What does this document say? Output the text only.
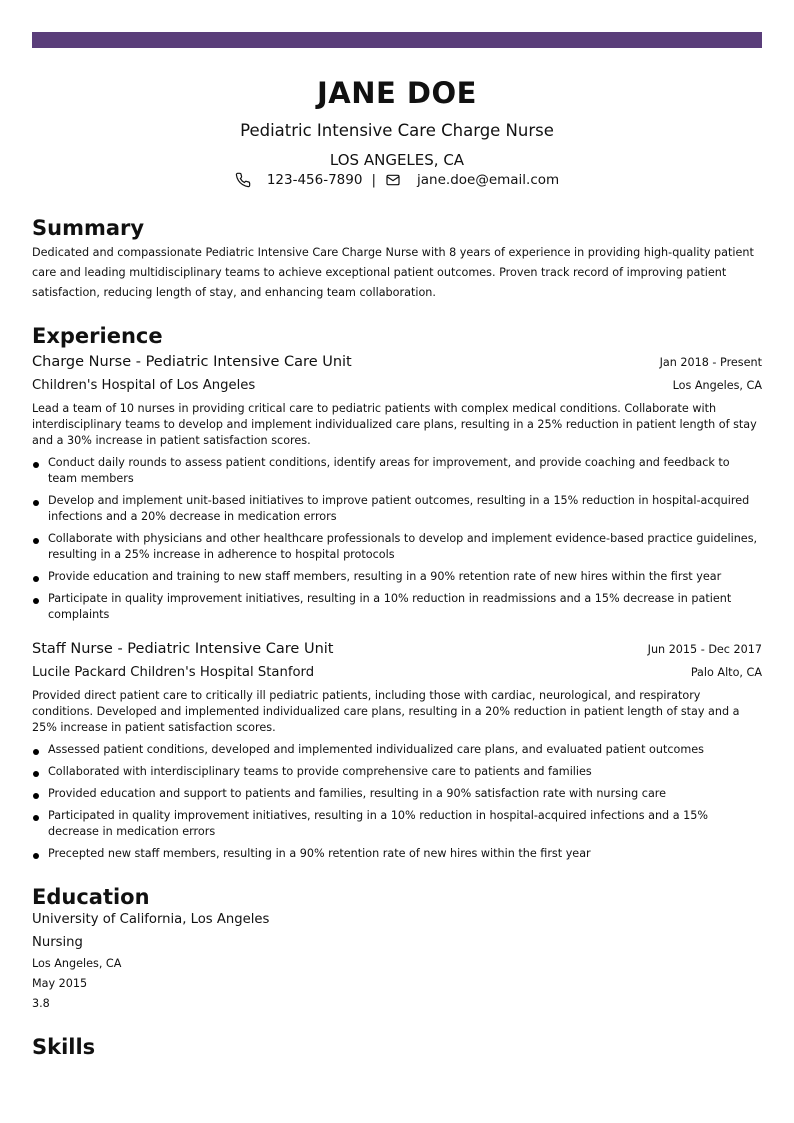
JANE DOE
Pediatric Intensive Care Charge Nurse
LOS ANGELES, CA
123-456-7890 |	jane.doe@email.com
Summary
Dedicated and compassionate Pediatric Intensive Care Charge Nurse with 8 years of experience in providing high-quality patient care and leading multidisciplinary teams to achieve exceptional patient outcomes. Proven track record of improving patient satisfaction, reducing length of stay, and enhancing team collaboration.
Experience
Charge Nurse - Pediatric Intensive Care Unit	Jan 2018 - Present
Children's Hospital of Los Angeles	Los Angeles, CA
Lead a team of 10 nurses in providing critical care to pediatric patients with complex medical conditions. Collaborate with interdisciplinary teams to develop and implement individualized care plans, resulting in a 25% reduction in patient length of stay and a 30% increase in patient satisfaction scores.
Conduct daily rounds to assess patient conditions, identify areas for improvement, and provide coaching and feedback to team members
Develop and implement unit-based initiatives to improve patient outcomes, resulting in a 15% reduction in hospital-acquired infections and a 20% decrease in medication errors
Collaborate with physicians and other healthcare professionals to develop and implement evidence-based practice guidelines, resulting in a 25% increase in adherence to hospital protocols
Provide education and training to new staff members, resulting in a 90% retention rate of new hires within the first year
Participate in quality improvement initiatives, resulting in a 10% reduction in readmissions and a 15% decrease in patient complaints
Staff Nurse - Pediatric Intensive Care Unit	Jun 2015 - Dec 2017
Lucile Packard Children's Hospital Stanford	Palo Alto, CA
Provided direct patient care to critically ill pediatric patients, including those with cardiac, neurological, and respiratory conditions. Developed and implemented individualized care plans, resulting in a 20% reduction in patient length of stay and a 25% increase in patient satisfaction scores.
Assessed patient conditions, developed and implemented individualized care plans, and evaluated patient outcomes
Collaborated with interdisciplinary teams to provide comprehensive care to patients and families
Provided education and support to patients and families, resulting in a 90% satisfaction rate with nursing care
Participated in quality improvement initiatives, resulting in a 10% reduction in hospital-acquired infections and a 15% decrease in medication errors
Precepted new staff members, resulting in a 90% retention rate of new hires within the first year
Education
University of California, Los Angeles
Nursing
Los Angeles, CA
May 2015
3.8
Skills
